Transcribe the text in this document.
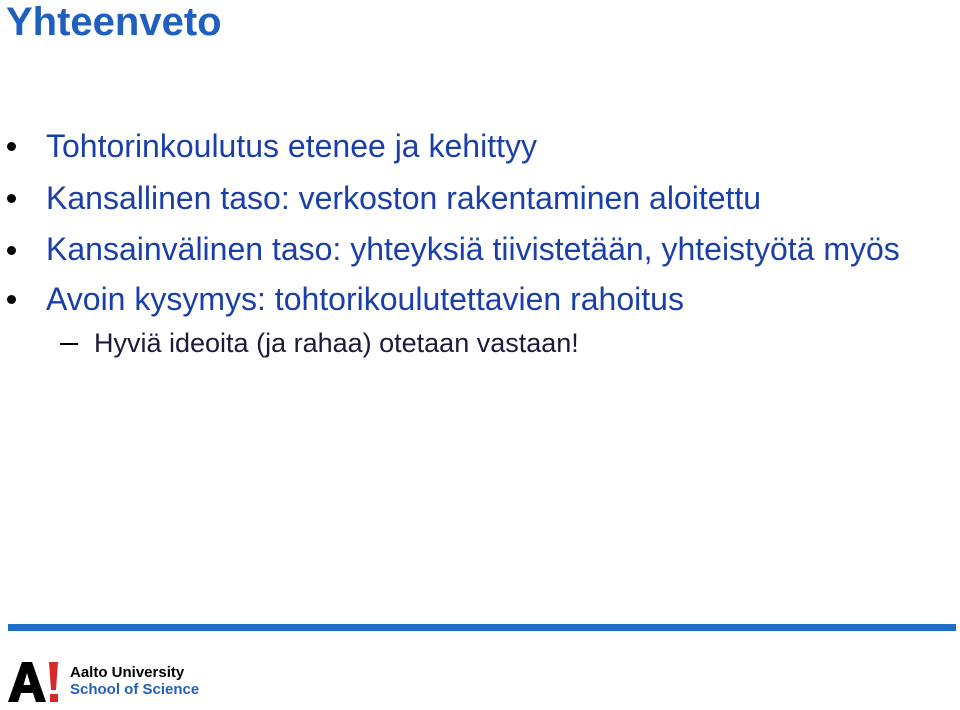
Yhteenveto
Tohtorinkoulutus etenee ja kehittyy
Kansallinen taso: verkoston rakentaminen aloitettu
Kansainvälinen taso: yhteyksiä tiivistetään, yhteistyötä myös
Avoin kysymys: tohtorikoulutettavien rahoitus
Hyviä ideoita (ja rahaa) otetaan vastaan!
Aalto University
School of Science
